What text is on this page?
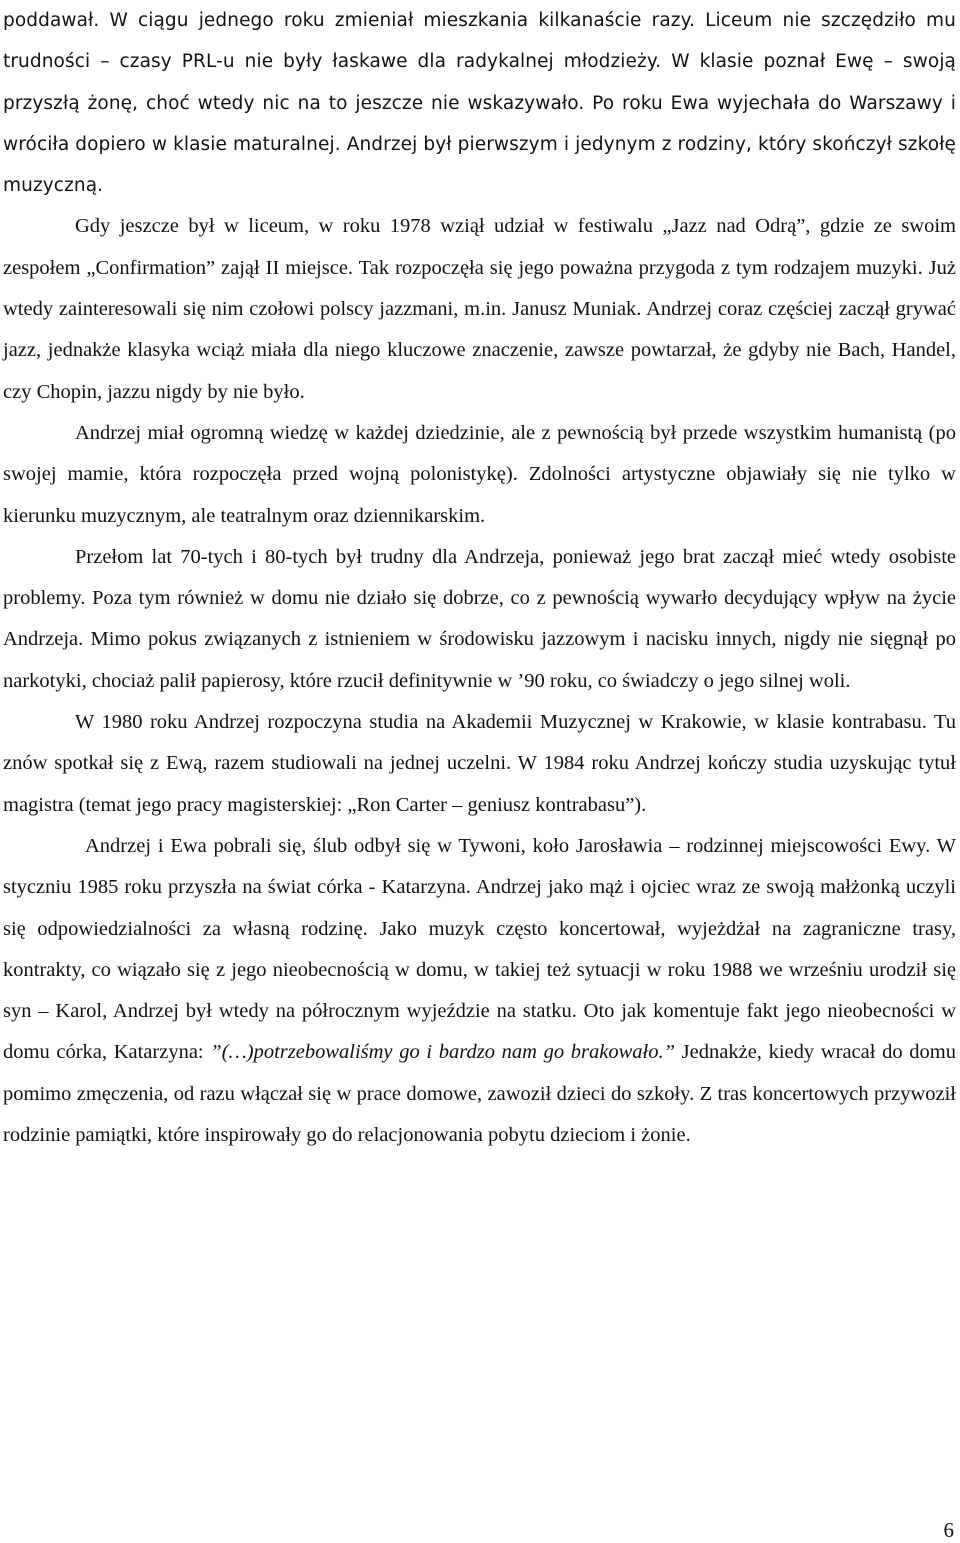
poddawał. W ciągu jednego roku zmieniał mieszkania kilkanaście razy. Liceum nie szczędziło mu trudności – czasy PRL-u nie były łaskawe dla radykalnej młodzieży. W klasie poznał Ewę – swoją przyszłą żonę, choć wtedy nic na to jeszcze nie wskazywało. Po roku Ewa wyjechała do Warszawy i wróciła dopiero w klasie maturalnej. Andrzej był pierwszym i jedynym z rodziny, który skończył szkołę muzyczną.

Gdy jeszcze był w liceum, w roku 1978 wziął udział w festiwalu „Jazz nad Odrą”, gdzie ze swoim zespołem „Confirmation” zajął II miejsce. Tak rozpoczęła się jego poważna przygoda z tym rodzajem muzyki. Już wtedy zainteresowali się nim czołowi polscy jazzmani, m.in. Janusz Muniak. Andrzej coraz częściej zaczął grywać jazz, jednakże klasyka wciąż miała dla niego kluczowe znaczenie, zawsze powtarzał, że gdyby nie Bach, Handel, czy Chopin, jazzu nigdy by nie było.

Andrzej miał ogromną wiedzę w każdej dziedzinie, ale z pewnością był przede wszystkim humanistą (po swojej mamie, która rozpoczęła przed wojną polonistykę). Zdolności artystyczne objawiały się nie tylko w kierunku muzycznym, ale teatralnym oraz dziennikarskim.

Przełom lat 70-tych i 80-tych był trudny dla Andrzeja, ponieważ jego brat zaczął mieć wtedy osobiste problemy. Poza tym również w domu nie działo się dobrze, co z pewnością wywarło decydujący wpływ na życie Andrzeja. Mimo pokus związanych z istnieniem w środowisku jazzowym i nacisku innych, nigdy nie sięgnął po narkotyki, chociaż palił papierosy, które rzucił definitywnie w ’90 roku, co świadczy o jego silnej woli.

W 1980 roku Andrzej rozpoczyna studia na Akademii Muzycznej w Krakowie, w klasie kontrabasu. Tu znów spotkał się z Ewą, razem studiowali na jednej uczelni. W 1984 roku Andrzej kończy studia uzyskując tytuł magistra (temat jego pracy magisterskiej: „Ron Carter – geniusz kontrabasu”).

Andrzej i Ewa pobrali się, ślub odbył się w Tywoni, koło Jarosławia – rodzinnej miejscowości Ewy. W styczniu 1985 roku przyszła na świat córka - Katarzyna. Andrzej jako mąż i ojciec wraz ze swoją małżonką uczyli się odpowiedzialności za własną rodzinę. Jako muzyk często koncertował, wyjeżdżał na zagraniczne trasy, kontrakty, co wiązało się z jego nieobecnością w domu, w takiej też sytuacji w roku 1988 we wrześniu urodził się syn – Karol, Andrzej był wtedy na półrocznym wyjeździe na statku. Oto jak komentuje fakt jego nieobecności w domu córka, Katarzyna: ”(…)potrzebowaliśmy go i bardzo nam go brakowało.” Jednakże, kiedy wracał do domu pomimo zmęczenia, od razu włączał się w prace domowe, zawoził dzieci do szkoły. Z tras koncertowych przywoził rodzinie pamiątki, które inspirowały go do relacjonowania pobytu dzieciom i żonie.

6
